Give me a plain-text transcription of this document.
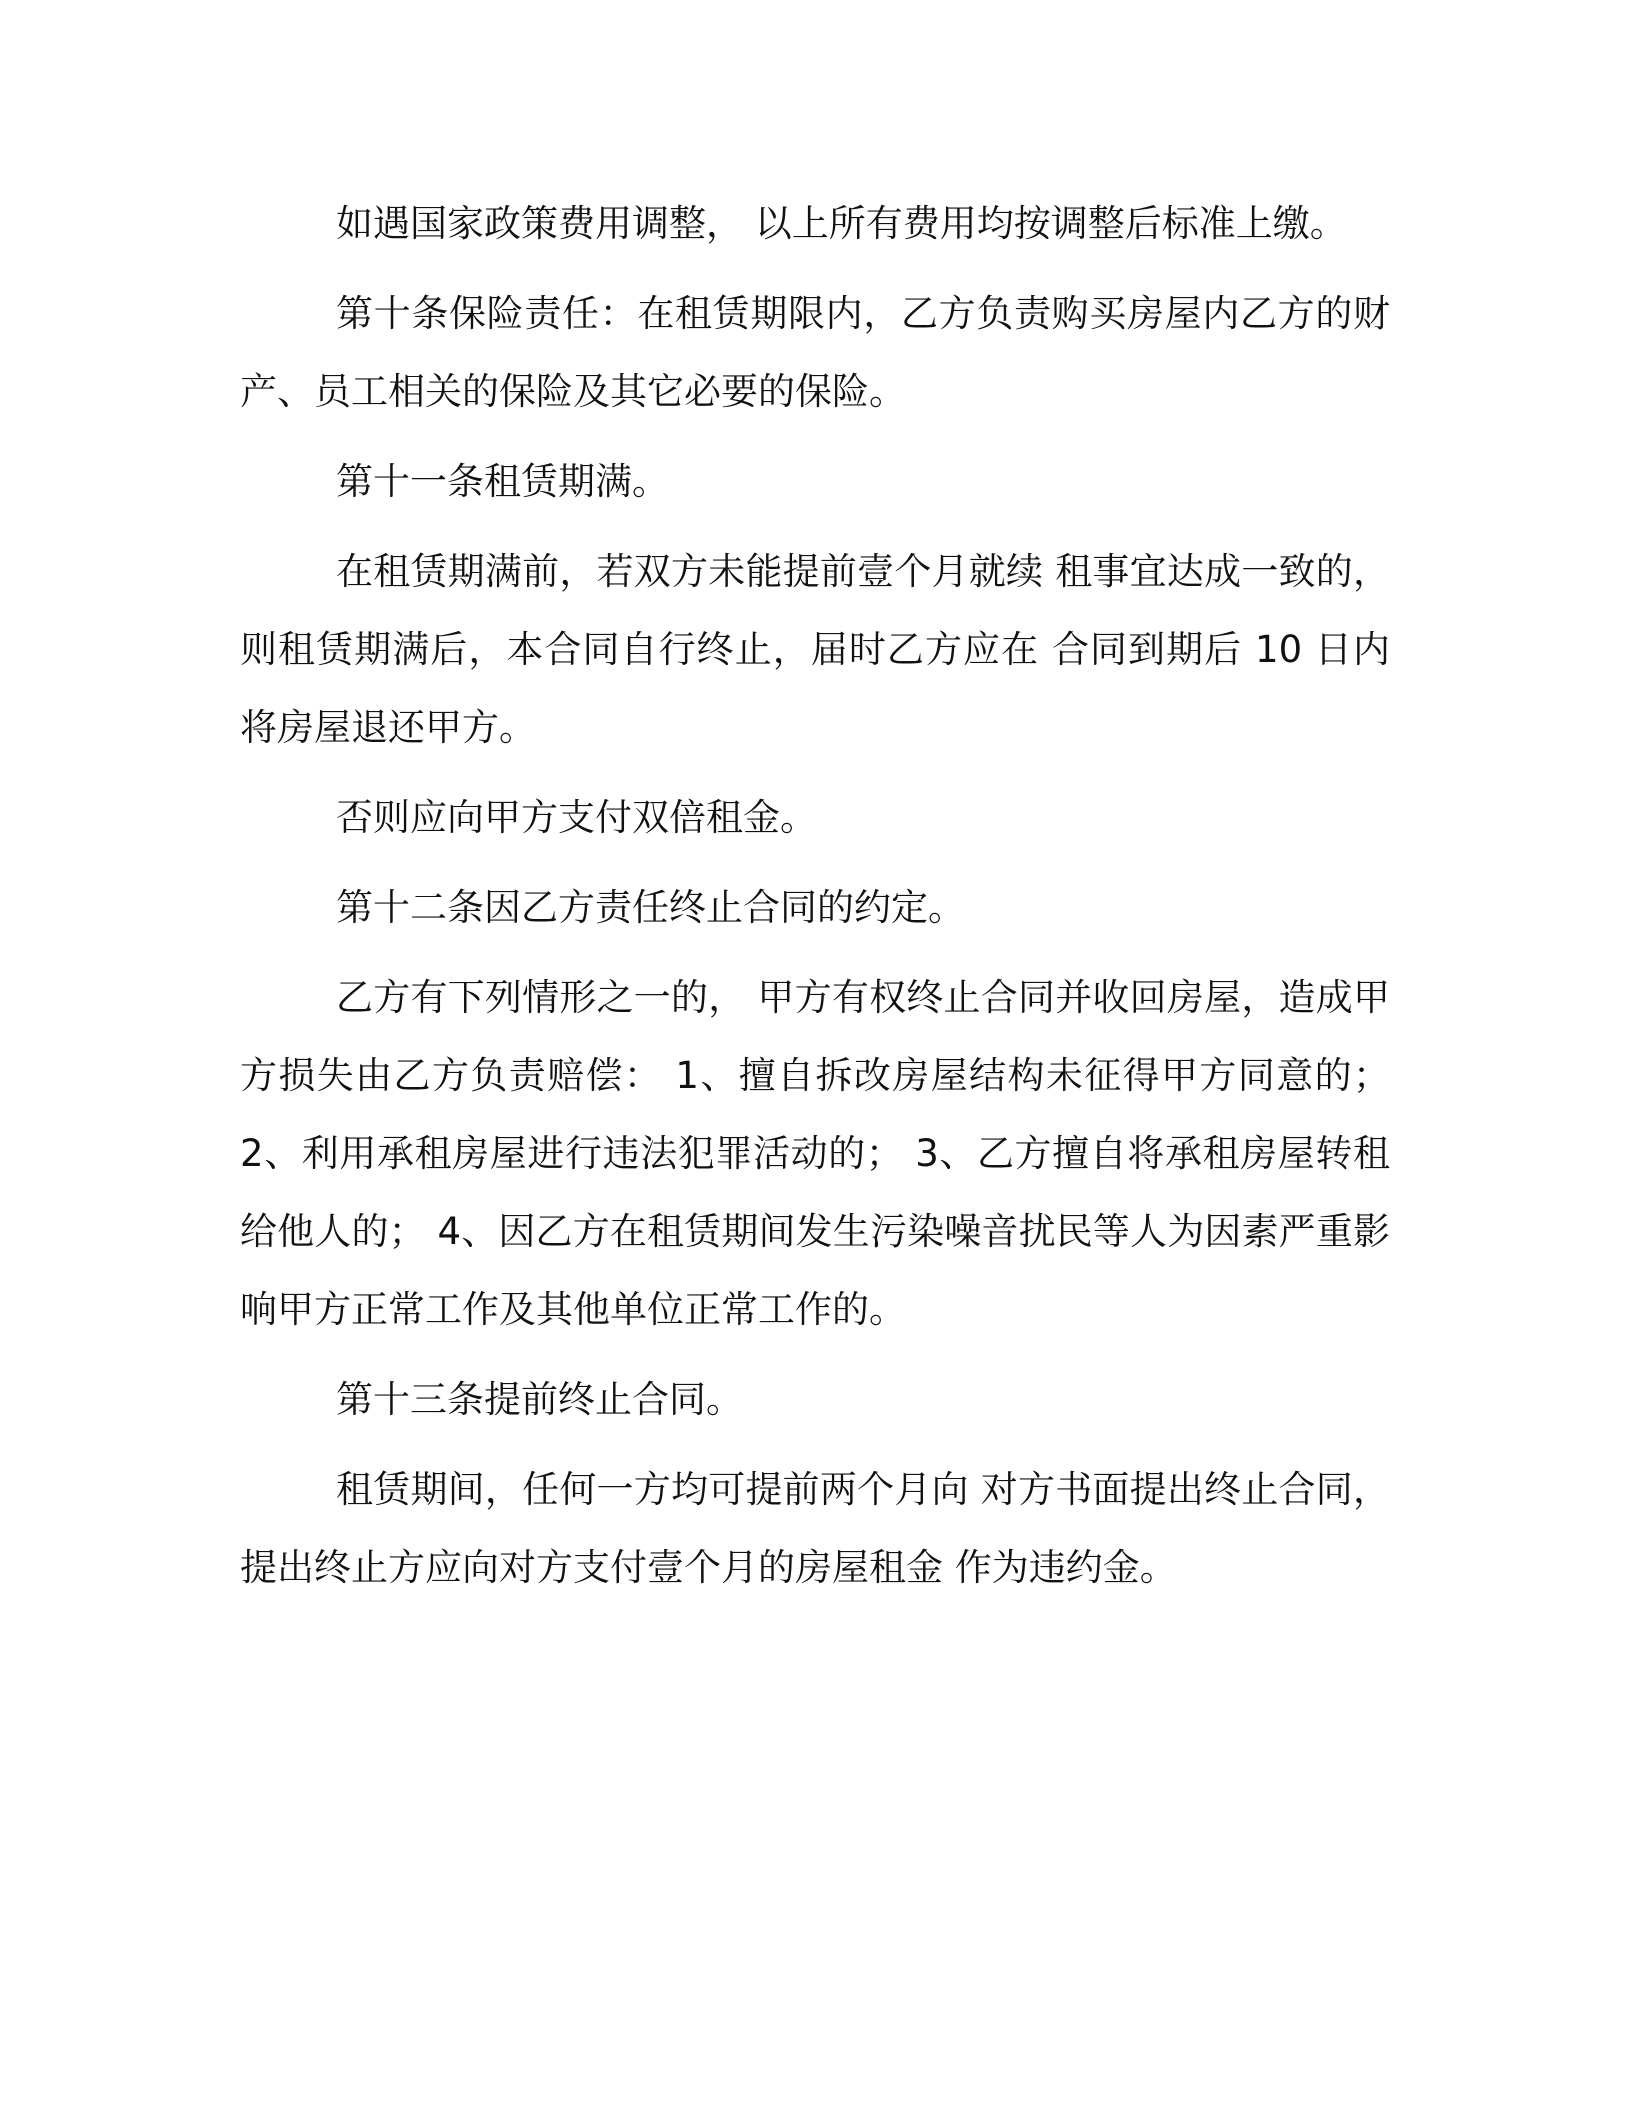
如遇国家政策费用调整， 以上所有费用均按调整后标准上缴。

第十条保险责任：在租赁期限内，乙方负责购买房屋内乙方的财产、员工相关的保险及其它必要的保险。

第十一条租赁期满。

在租赁期满前，若双方未能提前壹个月就续 租事宜达成一致的，则租赁期满后，本合同自行终止，届时乙方应在 合同到期后 10 日内将房屋退还甲方。

否则应向甲方支付双倍租金。

第十二条因乙方责任终止合同的约定。

乙方有下列情形之一的， 甲方有权终止合同并收回房屋，造成甲方损失由乙方负责赔偿： 1、擅自拆改房屋结构未征得甲方同意的； 2、利用承租房屋进行违法犯罪活动的； 3、乙方擅自将承租房屋转租给他人的； 4、因乙方在租赁期间发生污染噪音扰民等人为因素严重影响甲方正常工作及其他单位正常工作的。

第十三条提前终止合同。

租赁期间，任何一方均可提前两个月向 对方书面提出终止合同，提出终止方应向对方支付壹个月的房屋租金 作为违约金。
